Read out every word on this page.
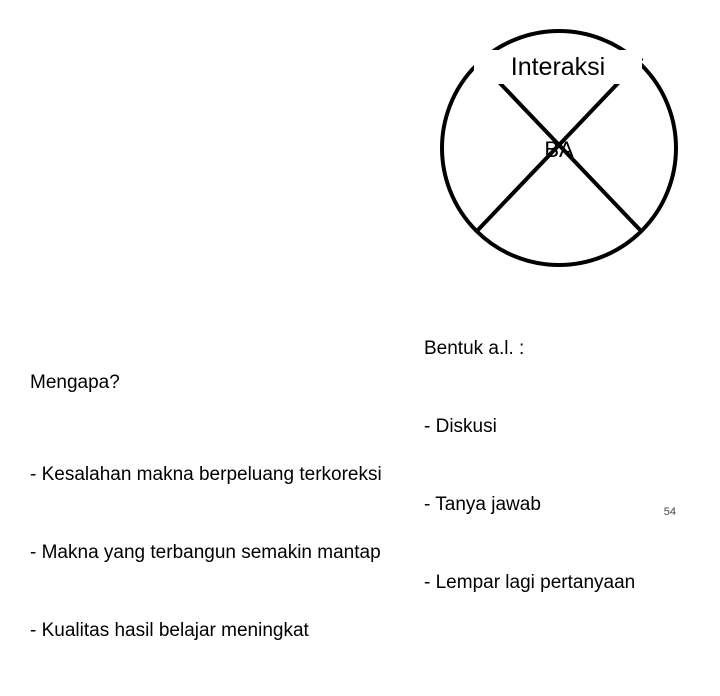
Interaksi
BA

Bentuk a.l. :

- Diskusi

- Tanya jawab

- Lempar lagi pertanyaan

Mengapa?

- Kesalahan makna berpeluang terkoreksi

- Makna yang terbangun semakin mantap

- Kualitas hasil belajar meningkat

54
